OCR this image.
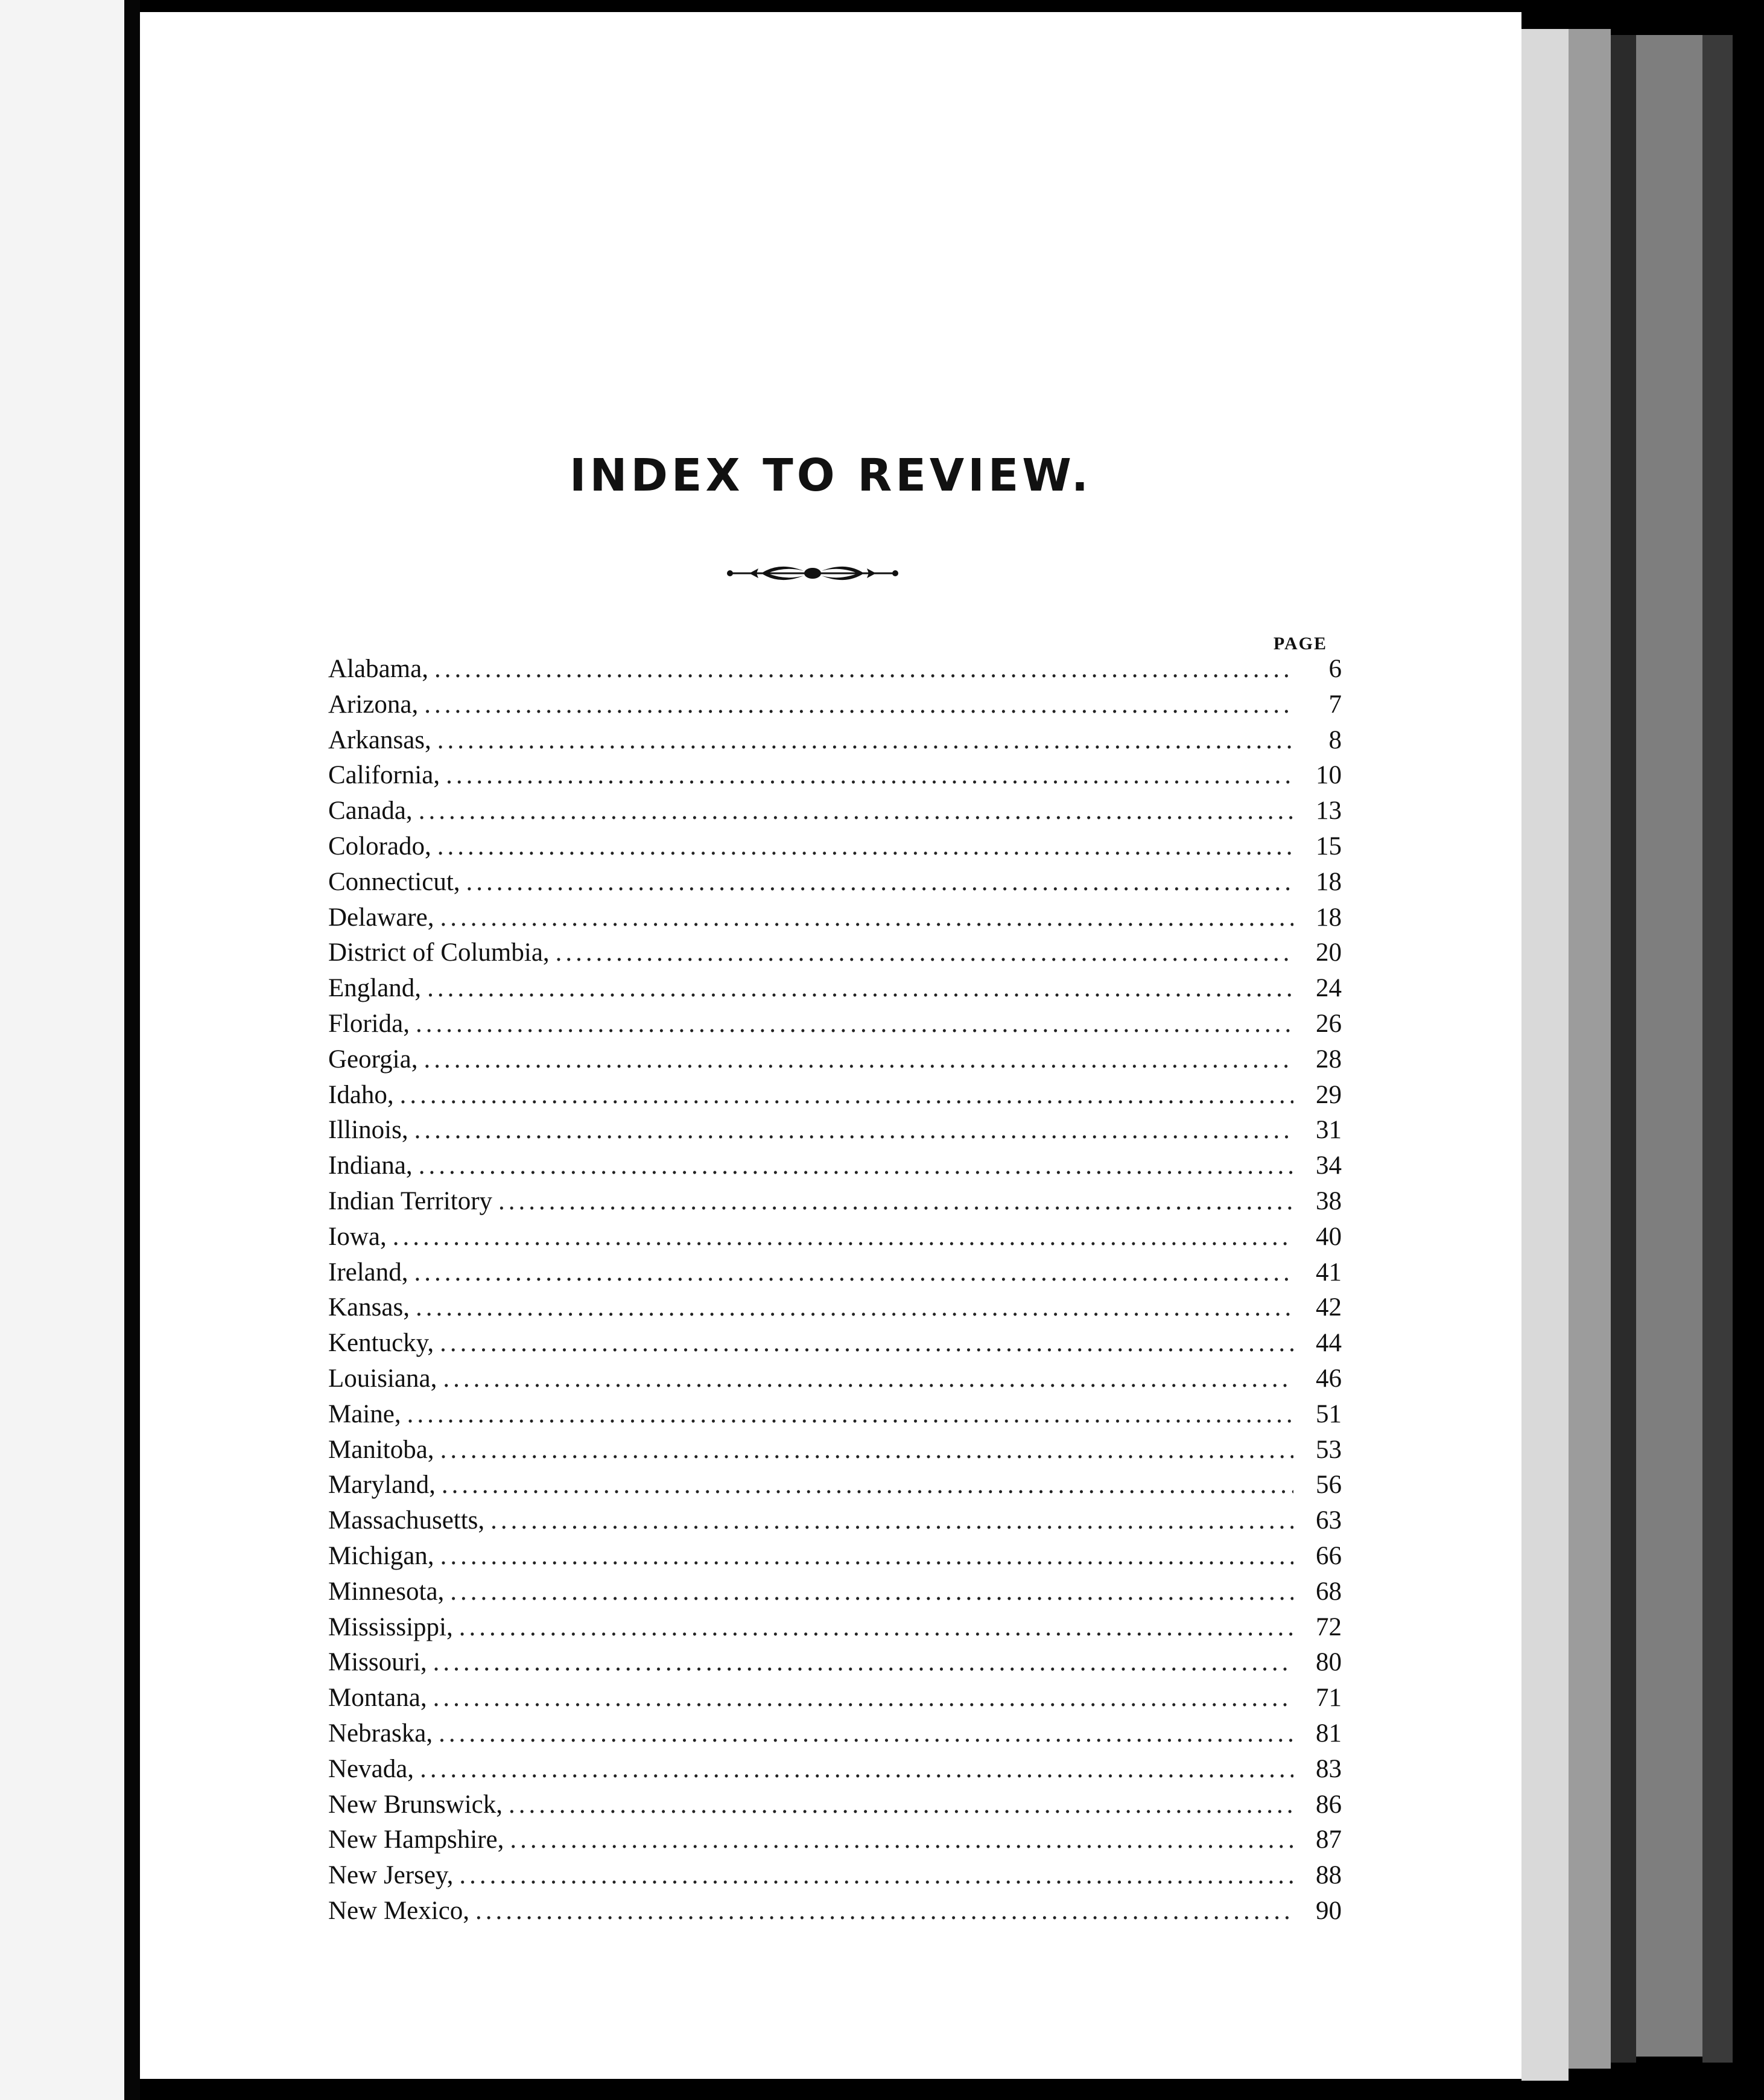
INDEX TO REVIEW.
PAGE
Alabama, .....	6
Arizona, .....	7
Arkansas, .....	8
California, .....	10
Canada, .....	13
Colorado, .....	15
Connecticut, .....	18
Delaware, .....	18
District of Columbia, .....	20
England, .....	24
Florida, .....	26
Georgia, .....	28
Idaho, .....	29
Illinois, .....	31
Indiana, .....	34
Indian Territory .....	38
Iowa, .....	40
Ireland, .....	41
Kansas, .....	42
Kentucky, .....	44
Louisiana, .....	46
Maine, .....	51
Manitoba, .....	53
Maryland, .....	56
Massachusetts, .....	63
Michigan, .....	66
Minnesota, .....	68
Mississippi, .....	72
Missouri, .....	80
Montana, .....	71
Nebraska, .....	81
Nevada, .....	83
New Brunswick, .....	86
New Hampshire, .....	87
New Jersey, .....	88
New Mexico, .....	90
